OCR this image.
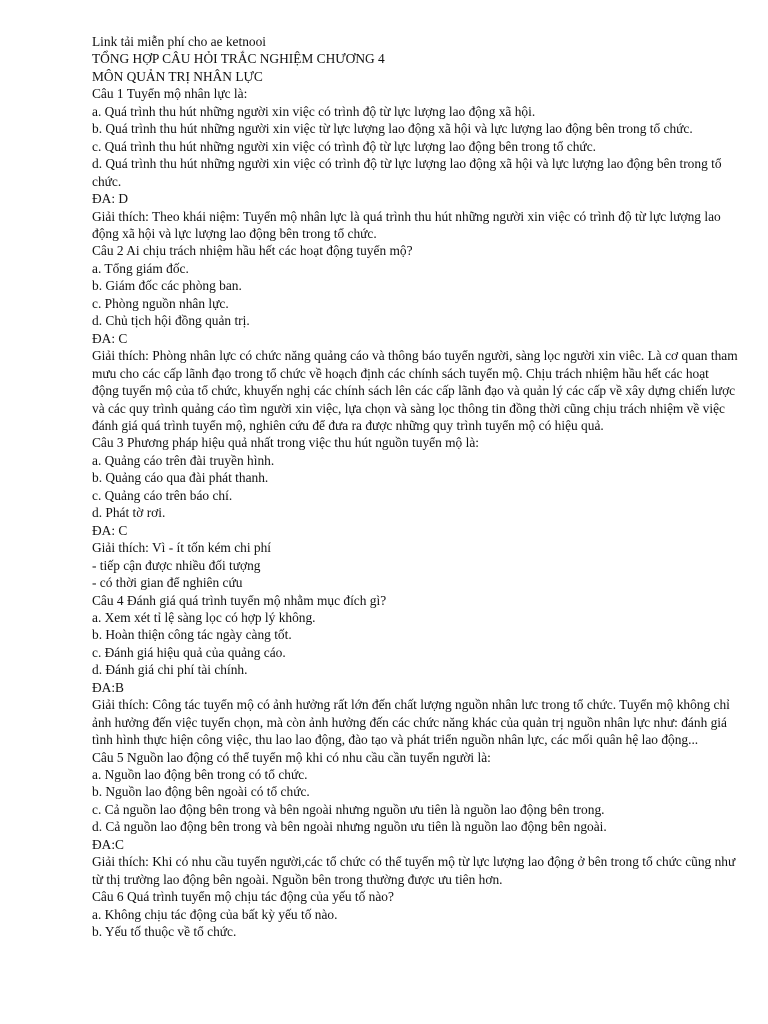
Link tải miễn phí cho ae ketnooi

TỔNG HỢP CÂU HỎI TRẮC NGHIỆM CHƯƠNG 4

MÔN QUẢN TRỊ NHÂN LỰC

Câu 1 Tuyển mộ nhân lực là:

a. Quá trình thu hút những người xin việc có trình độ từ lực lượng lao động xã hội.

b. Quá trình thu hút những người xin việc từ lực lượng lao động xã hội và lực lượng lao động bên trong tổ chức.

c. Quá trình thu hút những người xin việc có trình độ từ lực lượng lao động bên trong tổ chức.

d. Quá trình thu hút những người xin việc có trình độ từ lực lượng lao động xã hội và lực lượng lao động bên trong tổ chức.

ĐA: D

Giải thích: Theo khái niệm: Tuyển mộ nhân lực là quá trình thu hút những người xin việc có trình độ từ lực lượng lao động xã hội và lực lượng lao động bên trong tổ chức.

Câu 2 Ai chịu trách nhiệm hầu hết các hoạt động tuyển mộ?

a. Tổng giám đốc.

b. Giám đốc các phòng ban.

c. Phòng nguồn nhân lực.

d. Chủ tịch hội đồng quản trị.

ĐA: C

Giải thích: Phòng nhân lực có chức năng quảng cáo và thông báo tuyển người, sàng lọc người xin viêc. Là cơ quan tham mưu cho các cấp lãnh đạo trong tổ chức về hoạch định các chính sách tuyển mộ. Chịu trách nhiệm hầu hết các hoạt động tuyển mộ của tổ chức, khuyến nghị các chính sách lên các cấp lãnh đạo và quản lý các cấp về xây dựng chiến lược và các quy trình quảng cáo tìm người xin việc, lựa chọn và sàng lọc thông tin đồng thời cũng chịu trách nhiệm về việc đánh giá quá trình tuyển mộ, nghiên cứu để đưa ra được những quy trình tuyển mộ có hiệu quả.

Câu 3 Phương pháp hiệu quả nhất trong việc thu hút nguồn tuyển mộ là:

a. Quảng cáo trên đài truyền hình.

b. Quảng cáo qua đài phát thanh.

c. Quảng cáo trên báo chí.

d. Phát tờ rơi.

ĐA: C

Giải thích: Vì - ít tốn kém chi phí

- tiếp cận được nhiều đối tượng

- có thời gian để nghiên cứu

Câu 4 Đánh giá quá trình tuyển mộ nhằm mục đích gì?

a. Xem xét tỉ lệ sàng lọc có hợp lý không.

b. Hoàn thiện công tác ngày càng tốt.

c. Đánh giá hiệu quả của quảng cáo.

d. Đánh giá chi phí tài chính.

ĐA:B

Giải thích: Công tác tuyển mộ có ảnh hưởng rất lớn đến chất lượng nguồn nhân lưc trong tổ chức. Tuyển mộ không chỉ ảnh hưởng đến việc tuyển chọn, mà còn ảnh hưởng đến các chức năng khác của quản trị nguồn nhân lực như: đánh giá tình hình thực hiện công việc, thu lao lao động, đào tạo và phát triển nguồn nhân lực, các mối quân hệ lao động...

Câu 5 Nguồn lao động có thể tuyển mộ khi có nhu cầu cần tuyển người là:

a. Nguồn lao động bên trong có tổ chức.

b. Nguồn lao động bên ngoài có tổ chức.

c. Cả nguồn lao động bên trong và bên ngoài nhưng nguồn ưu tiên là nguồn lao động bên trong.

d. Cả nguồn lao động bên trong và bên ngoài nhưng nguồn ưu tiên là nguồn lao động bên ngoài.

ĐA:C

Giải thích: Khi có nhu cầu tuyển người,các tổ chức có thể tuyển mộ từ lực lượng lao động ở bên trong tổ chức cũng như từ thị trường lao động bên ngoài. Nguồn bên trong thường được ưu tiên hơn.

Câu 6 Quá trình tuyển mộ chịu tác động của yếu tố nào?

a. Không chịu tác động của bất kỳ yếu tố nào.

b. Yếu tố thuộc về tổ chức.
